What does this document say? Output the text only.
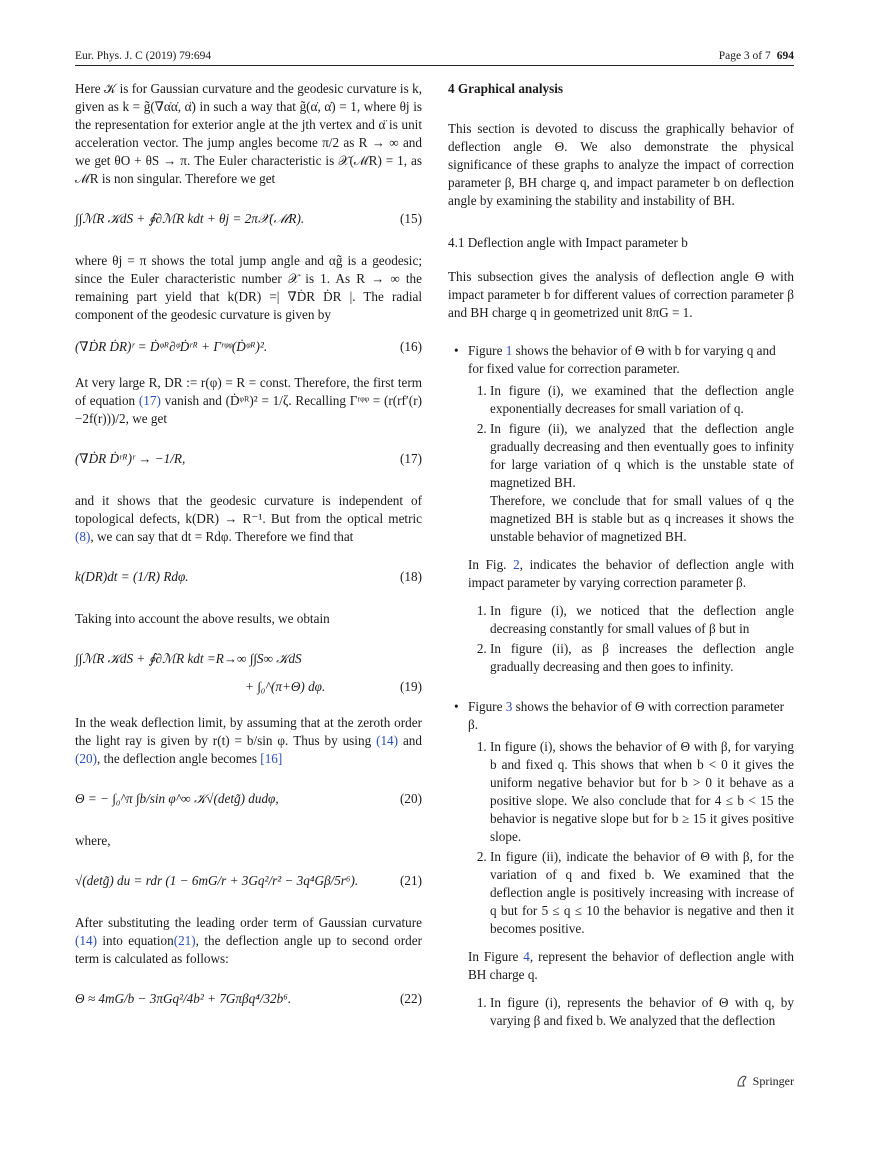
Eur. Phys. J. C (2019) 79:694	Page 3 of 7 694

Here 𝒦 is for Gaussian curvature and the geodesic curvature is k, given as k = g̃(∇α̇α̇, α̈) in such a way that g̃(α̇, α̇) = 1, where θj is the representation for exterior angle at the jth vertex and α̈ is unit acceleration vector. The jump angles become π/2 as R → ∞ and we get θO + θS → π. The Euler characteristic is 𝒳(ℳR) = 1, as ℳR is non singular. Therefore we get

∫∫ℳR 𝒦dS + ∮∂ℳR kdt + θj = 2π𝒳(ℳR).	(15)

where θj = π shows the total jump angle and αg̃ is a geodesic; since the Euler characteristic number 𝒳 is 1. As R → ∞ the remaining part yield that k(DR) =| ∇ḊR ḊR |. The radial component of the geodesic curvature is given by

(∇ḊR ḊR)ʳ = Ḋᵠᴿ∂ᵠḊʳᴿ + Γʳᵠᵠ(Ḋᵠᴿ)².	(16)

At very large R, DR := r(φ) = R = const. Therefore, the first term of equation (17) vanish and (Ḋᵠᴿ)² = 1/ζ. Recalling Γʳᵠᵠ = (r(rf′(r)−2f(r)))/2, we get

(∇ḊR Ḋʳᴿ)ʳ → −1/R,	(17)

and it shows that the geodesic curvature is independent of topological defects, k(DR) → R⁻¹. But from the optical metric (8), we can say that dt = Rdφ. Therefore we find that

k(DR)dt = (1/R) Rdφ.	(18)

Taking into account the above results, we obtain

∫∫ℳR 𝒦dS + ∮∂ℳR kdt =R→∞ ∫∫S∞ 𝒦dS
+ ∫₀^(π+Θ) dφ.	(19)

In the weak deflection limit, by assuming that at the zeroth order the light ray is given by r(t) = b/sin φ. Thus by using (14) and (20), the deflection angle becomes [16]

Θ = − ∫₀^π ∫b/sin φ^∞ 𝒦√(detg̃) dudφ,	(20)

where,

√(detg̃) du = rdr (1 − 6mG/r + 3Gq²/r² − 3q⁴Gβ/5r⁶).	(21)

After substituting the leading order term of Gaussian curvature (14) into equation(21), the deflection angle up to second order term is calculated as follows:

Θ ≈ 4mG/b − 3πGq²/4b² + 7Gπβq⁴/32b⁶.	(22)
4 Graphical analysis

This section is devoted to discuss the graphically behavior of deflection angle Θ. We also demonstrate the physical significance of these graphs to analyze the impact of correction parameter β, BH charge q, and impact parameter b on deflection angle by examining the stability and instability of BH.

4.1 Deflection angle with Impact parameter b

This subsection gives the analysis of deflection angle Θ with impact parameter b for different values of correction parameter β and BH charge q in geometrized unit 8πG = 1.

• Figure 1 shows the behavior of Θ with b for varying q and for fixed value for correction parameter.
1. In figure (i), we examined that the deflection angle exponentially decreases for small variation of q.
2. In figure (ii), we analyzed that the deflection angle gradually decreasing and then eventually goes to infinity for large variation of q which is the unstable state of magnetized BH.
Therefore, we conclude that for small values of q the magnetized BH is stable but as q increases it shows the unstable behavior of magnetized BH.

In Fig. 2, indicates the behavior of deflection angle with impact parameter by varying correction parameter β.

1. In figure (i), we noticed that the deflection angle decreasing constantly for small values of β but in
2. In figure (ii), as β increases the deflection angle gradually decreasing and then goes to infinity.
• Figure 3 shows the behavior of Θ with correction parameter β.
1. In figure (i), shows the behavior of Θ with β, for varying b and fixed q. This shows that when b < 0 it gives the uniform negative behavior but for b > 0 it behave as a positive slope. We also conclude that for 4 ≤ b < 15 the behavior is negative slope but for b ≥ 15 it gives positive slope.
2. In figure (ii), indicate the behavior of Θ with β, for the variation of q and fixed b. We examined that the deflection angle is positively increasing with increase of q but for 5 ≤ q ≤ 10 the behavior is negative and then it becomes positive.

In Figure 4, represent the behavior of deflection angle with BH charge q.

1. In figure (i), represents the behavior of Θ with q, by varying β and fixed b. We analyzed that the deflection
Springer
